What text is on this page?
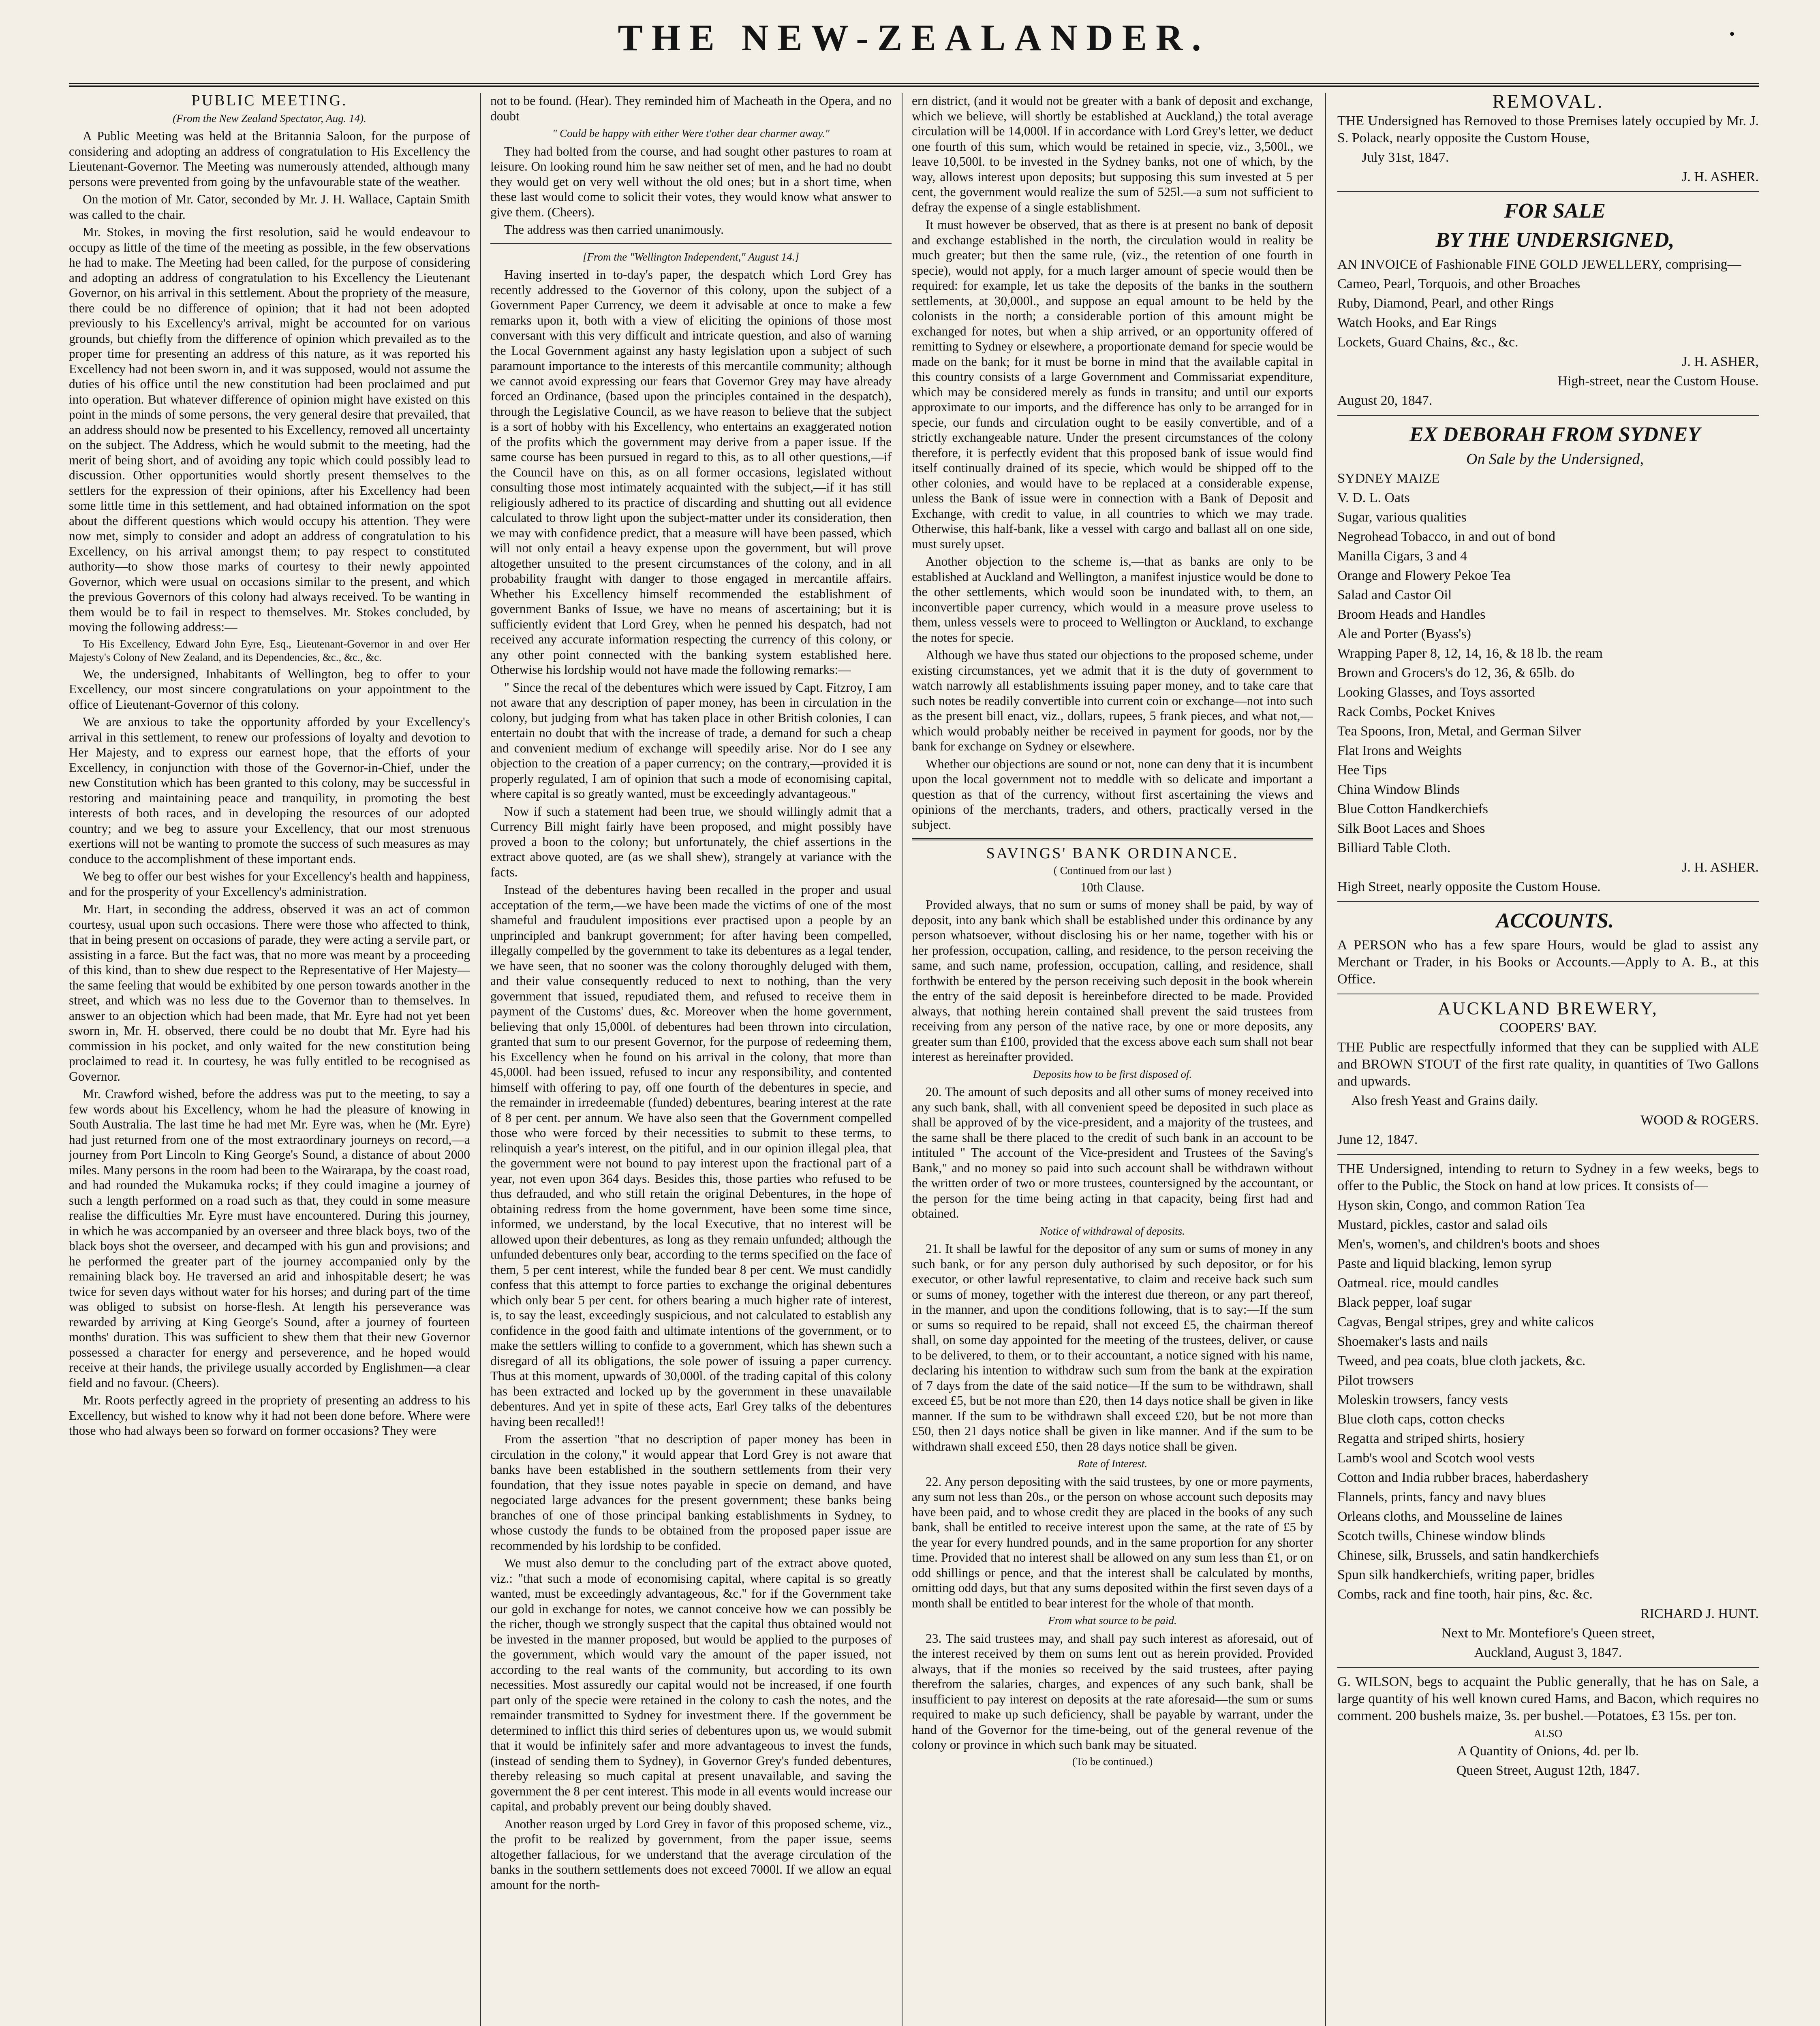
THE NEW-ZEALANDER.	•

PUBLIC MEETING.

(From the New Zealand Spectator, Aug. 14).

A Public Meeting was held at the Britannia Saloon, for the purpose of considering and adopting an address of congratulation to His Excellency the Lieutenant-Governor. The Meeting was numerously attended, although many persons were prevented from going by the unfavourable state of the weather.

On the motion of Mr. Cator, seconded by Mr. J. H. Wallace, Captain Smith was called to the chair.

Mr. Stokes, in moving the first resolution, said he would endeavour to occupy as little of the time of the meeting as possible, in the few observations he had to make. The Meeting had been called, for the purpose of considering and adopting an address of congratulation to his Excellency the Lieutenant Governor, on his arrival in this settlement. About the propriety of the measure, there could be no difference of opinion; that it had not been adopted previously to his Excellency's arrival, might be accounted for on various grounds, but chiefly from the difference of opinion which prevailed as to the proper time for presenting an address of this nature, as it was reported his Excellency had not been sworn in, and it was supposed, would not assume the duties of his office until the new constitution had been proclaimed and put into operation. But whatever difference of opinion might have existed on this point in the minds of some persons, the very general desire that prevailed, that an address should now be presented to his Excellency, removed all uncertainty on the subject. The Address, which he would submit to the meeting, had the merit of being short, and of avoiding any topic which could possibly lead to discussion. Other opportunities would shortly present themselves to the settlers for the expression of their opinions, after his Excellency had been some little time in this settlement, and had obtained information on the spot about the different questions which would occupy his attention. They were now met, simply to consider and adopt an address of congratulation to his Excellency, on his arrival amongst them; to pay respect to constituted authority—to show those marks of courtesy to their newly appointed Governor, which were usual on occasions similar to the present, and which the previous Governors of this colony had always received. To be wanting in them would be to fail in respect to themselves. Mr. Stokes concluded, by moving the following address:—

To His Excellency, Edward John Eyre, Esq., Lieutenant-Governor in and over Her Majesty's Colony of New Zealand, and its Dependencies, &c., &c., &c.

We, the undersigned, Inhabitants of Wellington, beg to offer to your Excellency, our most sincere congratulations on your appointment to the office of Lieutenant-Governor of this colony.

We are anxious to take the opportunity afforded by your Excellency's arrival in this settlement, to renew our professions of loyalty and devotion to Her Majesty, and to express our earnest hope, that the efforts of your Excellency, in conjunction with those of the Governor-in-Chief, under the new Constitution which has been granted to this colony, may be successful in restoring and maintaining peace and tranquility, in promoting the best interests of both races, and in developing the resources of our adopted country; and we beg to assure your Excellency, that our most strenuous exertions will not be wanting to promote the success of such measures as may conduce to the accomplishment of these important ends.

We beg to offer our best wishes for your Excellency's health and happiness, and for the prosperity of your Excellency's administration.

Mr. Hart, in seconding the address, observed it was an act of common courtesy, usual upon such occasions. There were those who affected to think, that in being present on occasions of parade, they were acting a servile part, or assisting in a farce. But the fact was, that no more was meant by a proceeding of this kind, than to shew due respect to the Representative of Her Majesty—the same feeling that would be exhibited by one person towards another in the street, and which was no less due to the Governor than to themselves. In answer to an objection which had been made, that Mr. Eyre had not yet been sworn in, Mr. H. observed, there could be no doubt that Mr. Eyre had his commission in his pocket, and only waited for the new constitution being proclaimed to read it. In courtesy, he was fully entitled to be recognised as Governor.

Mr. Crawford wished, before the address was put to the meeting, to say a few words about his Excellency, whom he had the pleasure of knowing in South Australia. The last time he had met Mr. Eyre was, when he (Mr. Eyre) had just returned from one of the most extraordinary journeys on record,—a journey from Port Lincoln to King George's Sound, a distance of about 2000 miles. Many persons in the room had been to the Wairarapa, by the coast road, and had rounded the Mukamuka rocks; if they could imagine a journey of such a length performed on a road such as that, they could in some measure realise the difficulties Mr. Eyre must have encountered. During this journey, in which he was accompanied by an overseer and three black boys, two of the black boys shot the overseer, and decamped with his gun and provisions; and he performed the greater part of the journey accompanied only by the remaining black boy. He traversed an arid and inhospitable desert; he was twice for seven days without water for his horses; and during part of the time was obliged to subsist on horse-flesh. At length his perseverance was rewarded by arriving at King George's Sound, after a journey of fourteen months' duration. This was sufficient to shew them that their new Governor possessed a character for energy and perseverence, and he hoped would receive at their hands, the privilege usually accorded by Englishmen—a clear field and no favour. (Cheers).

Mr. Roots perfectly agreed in the propriety of presenting an address to his Excellency, but wished to know why it had not been done before. Where were those who had always been so forward on former occasions? They were

not to be found. (Hear). They reminded him of Macheath in the Opera, and no doubt

" Could be happy with either Were t'other dear charmer away."

They had bolted from the course, and had sought other pastures to roam at leisure. On looking round him he saw neither set of men, and he had no doubt they would get on very well without the old ones; but in a short time, when these last would come to solicit their votes, they would know what answer to give them. (Cheers).

The address was then carried unanimously.

[From the "Wellington Independent," August 14.]

Having inserted in to-day's paper, the despatch which Lord Grey has recently addressed to the Governor of this colony, upon the subject of a Government Paper Currency, we deem it advisable at once to make a few remarks upon it, both with a view of eliciting the opinions of those most conversant with this very difficult and intricate question, and also of warning the Local Government against any hasty legislation upon a subject of such paramount importance to the interests of this mercantile community; although we cannot avoid expressing our fears that Governor Grey may have already forced an Ordinance, (based upon the principles contained in the despatch), through the Legislative Council, as we have reason to believe that the subject is a sort of hobby with his Excellency, who entertains an exaggerated notion of the profits which the government may derive from a paper issue. If the same course has been pursued in regard to this, as to all other questions,—if the Council have on this, as on all former occasions, legislated without consulting those most intimately acquainted with the subject,—if it has still religiously adhered to its practice of discarding and shutting out all evidence calculated to throw light upon the subject-matter under its consideration, then we may with confidence predict, that a measure will have been passed, which will not only entail a heavy expense upon the government, but will prove altogether unsuited to the present circumstances of the colony, and in all probability fraught with danger to those engaged in mercantile affairs. Whether his Excellency himself recommended the establishment of government Banks of Issue, we have no means of ascertaining; but it is sufficiently evident that Lord Grey, when he penned his despatch, had not received any accurate information respecting the currency of this colony, or any other point connected with the banking system established here. Otherwise his lordship would not have made the following remarks:—

" Since the recal of the debentures which were issued by Capt. Fitzroy, I am not aware that any description of paper money, has been in circulation in the colony, but judging from what has taken place in other British colonies, I can entertain no doubt that with the increase of trade, a demand for such a cheap and convenient medium of exchange will speedily arise. Nor do I see any objection to the creation of a paper currency; on the contrary,—provided it is properly regulated, I am of opinion that such a mode of economising capital, where capital is so greatly wanted, must be exceedingly advantageous."

Now if such a statement had been true, we should willingly admit that a Currency Bill might fairly have been proposed, and might possibly have proved a boon to the colony; but unfortunately, the chief assertions in the extract above quoted, are (as we shall shew), strangely at variance with the facts.

Instead of the debentures having been recalled in the proper and usual acceptation of the term,—we have been made the victims of one of the most shameful and fraudulent impositions ever practised upon a people by an unprincipled and bankrupt government; for after having been compelled, illegally compelled by the government to take its debentures as a legal tender, we have seen, that no sooner was the colony thoroughly deluged with them, and their value consequently reduced to next to nothing, than the very government that issued, repudiated them, and refused to receive them in payment of the Customs' dues, &c. Moreover when the home government, believing that only 15,000l. of debentures had been thrown into circulation, granted that sum to our present Governor, for the purpose of redeeming them, his Excellency when he found on his arrival in the colony, that more than 45,000l. had been issued, refused to incur any responsibility, and contented himself with offering to pay, off one fourth of the debentures in specie, and the remainder in irredeemable (funded) debentures, bearing interest at the rate of 8 per cent. per annum. We have also seen that the Government compelled those who were forced by their necessities to submit to these terms, to relinquish a year's interest, on the pitiful, and in our opinion illegal plea, that the government were not bound to pay interest upon the fractional part of a year, not even upon 364 days. Besides this, those parties who refused to be thus defrauded, and who still retain the original Debentures, in the hope of obtaining redress from the home government, have been some time since, informed, we understand, by the local Executive, that no interest will be allowed upon their debentures, as long as they remain unfunded; although the unfunded debentures only bear, according to the terms specified on the face of them, 5 per cent interest, while the funded bear 8 per cent. We must candidly confess that this attempt to force parties to exchange the original debentures which only bear 5 per cent. for others bearing a much higher rate of interest, is, to say the least, exceedingly suspicious, and not calculated to establish any confidence in the good faith and ultimate intentions of the government, or to make the settlers willing to confide to a government, which has shewn such a disregard of all its obligations, the sole power of issuing a paper currency. Thus at this moment, upwards of 30,000l. of the trading capital of this colony has been extracted and locked up by the government in these unavailable debentures. And yet in spite of these acts, Earl Grey talks of the debentures having been recalled!!

From the assertion "that no description of paper money has been in circulation in the colony," it would appear that Lord Grey is not aware that banks have been established in the southern settlements from their very foundation, that they issue notes payable in specie on demand, and have negociated large advances for the present government; these banks being branches of one of those principal banking establishments in Sydney, to whose custody the funds to be obtained from the proposed paper issue are recommended by his lordship to be confided.

We must also demur to the concluding part of the extract above quoted, viz.: "that such a mode of economising capital, where capital is so greatly wanted, must be exceedingly advantageous, &c." for if the Government take our gold in exchange for notes, we cannot conceive how we can possibly be the richer, though we strongly suspect that the capital thus obtained would not be invested in the manner proposed, but would be applied to the purposes of the government, which would vary the amount of the paper issued, not according to the real wants of the community, but according to its own necessities. Most assuredly our capital would not be increased, if one fourth part only of the specie were retained in the colony to cash the notes, and the remainder transmitted to Sydney for investment there. If the government be determined to inflict this third series of debentures upon us, we would submit that it would be infinitely safer and more advantageous to invest the funds, (instead of sending them to Sydney), in Governor Grey's funded debentures, thereby releasing so much capital at present unavailable, and saving the government the 8 per cent interest. This mode in all events would increase our capital, and probably prevent our being doubly shaved.

Another reason urged by Lord Grey in favor of this proposed scheme, viz., the profit to be realized by government, from the paper issue, seems altogether fallacious, for we understand that the average circulation of the banks in the southern settlements does not exceed 7000l. If we allow an equal amount for the north-

ern district, (and it would not be greater with a bank of deposit and exchange, which we believe, will shortly be established at Auckland,) the total average circulation will be 14,000l. If in accordance with Lord Grey's letter, we deduct one fourth of this sum, which would be retained in specie, viz., 3,500l., we leave 10,500l. to be invested in the Sydney banks, not one of which, by the way, allows interest upon deposits; but supposing this sum invested at 5 per cent, the government would realize the sum of 525l.—a sum not sufficient to defray the expense of a single establishment.

It must however be observed, that as there is at present no bank of deposit and exchange established in the north, the circulation would in reality be much greater; but then the same rule, (viz., the retention of one fourth in specie), would not apply, for a much larger amount of specie would then be required: for example, let us take the deposits of the banks in the southern settlements, at 30,000l., and suppose an equal amount to be held by the colonists in the north; a considerable portion of this amount might be exchanged for notes, but when a ship arrived, or an opportunity offered of remitting to Sydney or elsewhere, a proportionate demand for specie would be made on the bank; for it must be borne in mind that the available capital in this country consists of a large Government and Commissariat expenditure, which may be considered merely as funds in transitu; and until our exports approximate to our imports, and the difference has only to be arranged for in specie, our funds and circulation ought to be easily convertible, and of a strictly exchangeable nature. Under the present circumstances of the colony therefore, it is perfectly evident that this proposed bank of issue would find itself continually drained of its specie, which would be shipped off to the other colonies, and would have to be replaced at a considerable expense, unless the Bank of issue were in connection with a Bank of Deposit and Exchange, with credit to value, in all countries to which we may trade. Otherwise, this half-bank, like a vessel with cargo and ballast all on one side, must surely upset.

Another objection to the scheme is,—that as banks are only to be established at Auckland and Wellington, a manifest injustice would be done to the other settlements, which would soon be inundated with, to them, an inconvertible paper currency, which would in a measure prove useless to them, unless vessels were to proceed to Wellington or Auckland, to exchange the notes for specie.

Although we have thus stated our objections to the proposed scheme, under existing circumstances, yet we admit that it is the duty of government to watch narrowly all establishments issuing paper money, and to take care that such notes be readily convertible into current coin or exchange—not into such as the present bill enact, viz., dollars, rupees, 5 frank pieces, and what not,—which would probably neither be received in payment for goods, nor by the bank for exchange on Sydney or elsewhere.

Whether our objections are sound or not, none can deny that it is incumbent upon the local government not to meddle with so delicate and important a question as that of the currency, without first ascertaining the views and opinions of the merchants, traders, and others, practically versed in the subject.

SAVINGS' BANK ORDINANCE.

( Continued from our last )

10th Clause.

Provided always, that no sum or sums of money shall be paid, by way of deposit, into any bank which shall be established under this ordinance by any person whatsoever, without disclosing his or her name, together with his or her profession, occupation, calling, and residence, to the person receiving the same, and such name, profession, occupation, calling, and residence, shall forthwith be entered by the person receiving such deposit in the book wherein the entry of the said deposit is hereinbefore directed to be made. Provided always, that nothing herein contained shall prevent the said trustees from receiving from any person of the native race, by one or more deposits, any greater sum than £100, provided that the excess above each sum shall not bear interest as hereinafter provided.

Deposits how to be first disposed of.

20. The amount of such deposits and all other sums of money received into any such bank, shall, with all convenient speed be deposited in such place as shall be approved of by the vice-president, and a majority of the trustees, and the same shall be there placed to the credit of such bank in an account to be intituled " The account of the Vice-president and Trustees of the Saving's Bank," and no money so paid into such account shall be withdrawn without the written order of two or more trustees, countersigned by the accountant, or the person for the time being acting in that capacity, being first had and obtained.

Notice of withdrawal of deposits.

21. It shall be lawful for the depositor of any sum or sums of money in any such bank, or for any person duly authorised by such depositor, or for his executor, or other lawful representative, to claim and receive back such sum or sums of money, together with the interest due thereon, or any part thereof, in the manner, and upon the conditions following, that is to say:—If the sum or sums so required to be repaid, shall not exceed £5, the chairman thereof shall, on some day appointed for the meeting of the trustees, deliver, or cause to be delivered, to them, or to their accountant, a notice signed with his name, declaring his intention to withdraw such sum from the bank at the expiration of 7 days from the date of the said notice—If the sum to be withdrawn, shall exceed £5, but be not more than £20, then 14 days notice shall be given in like manner. If the sum to be withdrawn shall exceed £20, but be not more than £50, then 21 days notice shall be given in like manner. And if the sum to be withdrawn shall exceed £50, then 28 days notice shall be given.

Rate of Interest.

22. Any person depositing with the said trustees, by one or more payments, any sum not less than 20s., or the person on whose account such deposits may have been paid, and to whose credit they are placed in the books of any such bank, shall be entitled to receive interest upon the same, at the rate of £5 by the year for every hundred pounds, and in the same proportion for any shorter time. Provided that no interest shall be allowed on any sum less than £1, or on odd shillings or pence, and that the interest shall be calculated by months, omitting odd days, but that any sums deposited within the first seven days of a month shall be entitled to bear interest for the whole of that month.

From what source to be paid.

23. The said trustees may, and shall pay such interest as aforesaid, out of the interest received by them on sums lent out as herein provided. Provided always, that if the monies so received by the said trustees, after paying therefrom the salaries, charges, and expences of any such bank, shall be insufficient to pay interest on deposits at the rate aforesaid—the sum or sums required to make up such deficiency, shall be payable by warrant, under the hand of the Governor for the time-being, out of the general revenue of the colony or province in which such bank may be situated.

(To be continued.)

REMOVAL.

THE Undersigned has Removed to those Premises lately occupied by Mr. J. S. Polack, nearly opposite the Custom House,

July 31st, 1847.

J. H. ASHER.

FOR SALE

BY THE UNDERSIGNED,

AN INVOICE of Fashionable FINE GOLD JEWELLERY, comprising—

Cameo, Pearl, Torquois, and other Broaches

Ruby, Diamond, Pearl, and other Rings

Watch Hooks, and Ear Rings

Lockets, Guard Chains, &c., &c.

J. H. ASHER,

High-street, near the Custom House.

August 20, 1847.

EX DEBORAH FROM SYDNEY

On Sale by the Undersigned,

SYDNEY MAIZE

V. D. L. Oats

Sugar, various qualities

Negrohead Tobacco, in and out of bond

Manilla Cigars, 3 and 4

Orange and Flowery Pekoe Tea

Salad and Castor Oil

Broom Heads and Handles

Ale and Porter (Byass's)

Wrapping Paper 8, 12, 14, 16, & 18 lb. the ream

Brown and Grocers's do 12, 36, & 65lb. do

Looking Glasses, and Toys assorted

Rack Combs, Pocket Knives

Tea Spoons, Iron, Metal, and German Silver

Flat Irons and Weights

Hee Tips

China Window Blinds

Blue Cotton Handkerchiefs

Silk Boot Laces and Shoes

Billiard Table Cloth.

J. H. ASHER.

High Street, nearly opposite the Custom House.

ACCOUNTS.

A PERSON who has a few spare Hours, would be glad to assist any Merchant or Trader, in his Books or Accounts.—Apply to A. B., at this Office.

AUCKLAND BREWERY,

COOPERS' BAY.

THE Public are respectfully informed that they can be supplied with ALE and BROWN STOUT of the first rate quality, in quantities of Two Gallons and upwards.

Also fresh Yeast and Grains daily.

WOOD & ROGERS.

June 12, 1847.

THE Undersigned, intending to return to Sydney in a few weeks, begs to offer to the Public, the Stock on hand at low prices. It consists of—

Hyson skin, Congo, and common Ration Tea

Mustard, pickles, castor and salad oils

Men's, women's, and children's boots and shoes

Paste and liquid blacking, lemon syrup

Oatmeal. rice, mould candles

Black pepper, loaf sugar

Cagvas, Bengal stripes, grey and white calicos

Shoemaker's lasts and nails

Tweed, and pea coats, blue cloth jackets, &c.

Pilot trowsers

Moleskin trowsers, fancy vests

Blue cloth caps, cotton checks

Regatta and striped shirts, hosiery

Lamb's wool and Scotch wool vests

Cotton and India rubber braces, haberdashery

Flannels, prints, fancy and navy blues

Orleans cloths, and Mousseline de laines

Scotch twills, Chinese window blinds

Chinese, silk, Brussels, and satin handkerchiefs

Spun silk handkerchiefs, writing paper, bridles

Combs, rack and fine tooth, hair pins, &c. &c.

RICHARD J. HUNT.

Next to Mr. Montefiore's Queen street,

Auckland, August 3, 1847.

G. WILSON, begs to acquaint the Public generally, that he has on Sale, a large quantity of his well known cured Hams, and Bacon, which requires no comment. 200 bushels maize, 3s. per bushel.—Potatoes, £3 15s. per ton.

ALSO

A Quantity of Onions, 4d. per lb.

Queen Street, August 12th, 1847.
